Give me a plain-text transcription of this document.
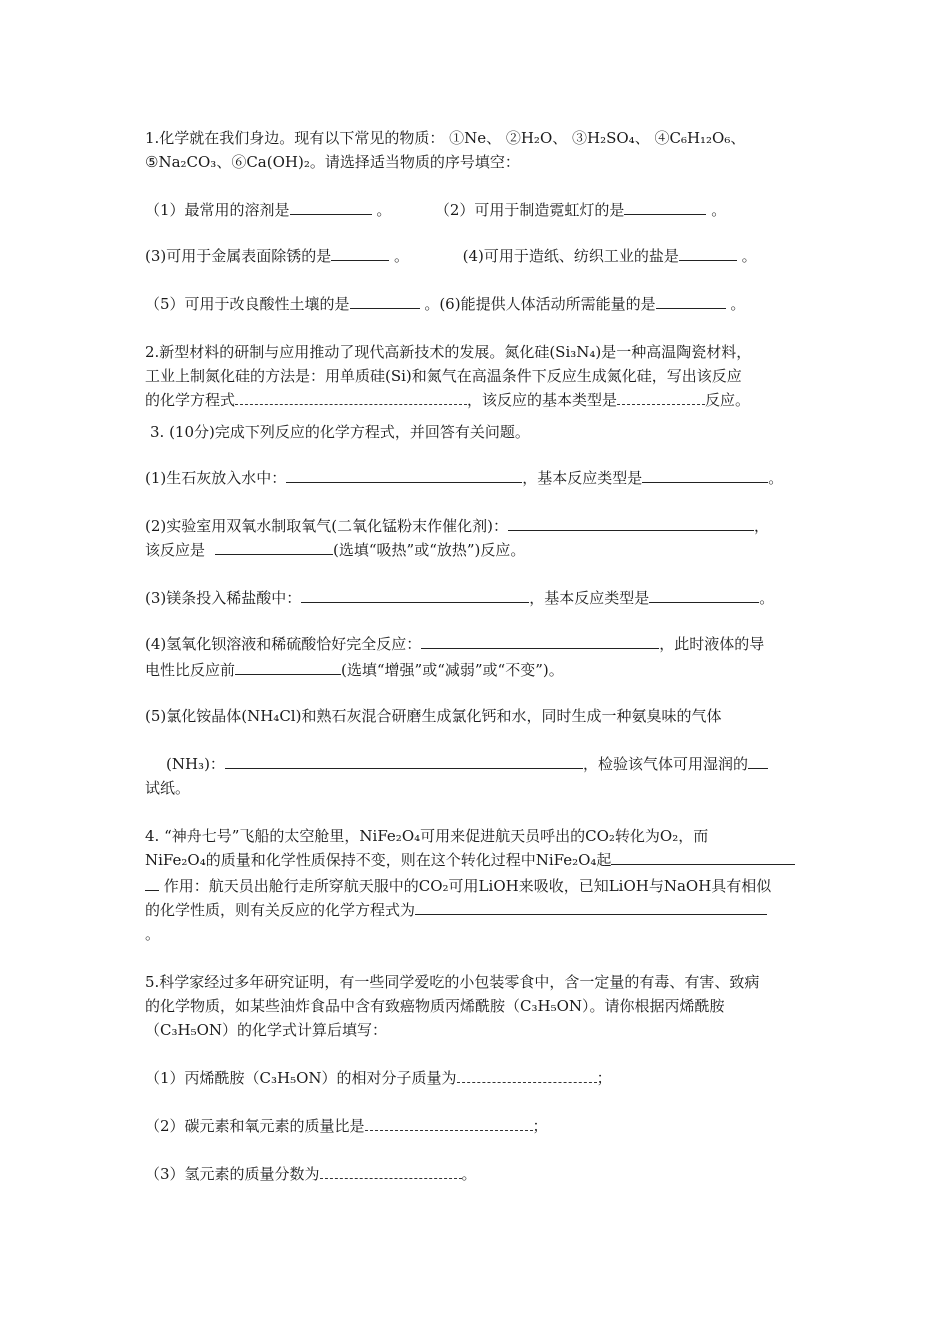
1.化学就在我们身边。现有以下常见的物质： ①Ne、 ②H₂O、 ③H₂SO₄、 ④C₆H₁₂O₆、
⑤Na₂CO₃、⑥Ca(OH)₂。请选择适当物质的序号填空：
（1）最常用的溶剂是	。	（2）可用于制造霓虹灯的是	。
(3)可用于金属表面除锈的是	。	(4)可用于造纸、纺织工业的盐是	。
（5）可用于改良酸性土壤的是	。(6)能提供人体活动所需能量的是	。
2.新型材料的研制与应用推动了现代高新技术的发展。氮化硅(Si₃N₄)是一种高温陶瓷材料，
工业上制氮化硅的方法是：用单质硅(Si)和氮气在高温条件下反应生成氮化硅，写出该反应
的化学方程式	，该反应的基本类型是	反应。
3. (10分)完成下列反应的化学方程式，并回答有关问题。
(1)生石灰放入水中：	，基本反应类型是	。
(2)实验室用双氧水制取氧气(二氧化锰粉末作催化剂)：	，
该反应是	(选填“吸热”或“放热”)反应。
(3)镁条投入稀盐酸中：	，基本反应类型是	。
(4)氢氧化钡溶液和稀硫酸恰好完全反应：	，此时液体的导
电性比反应前	(选填“增强”或“减弱”或“不变”)。
(5)氯化铵晶体(NH₄Cl)和熟石灰混合研磨生成氯化钙和水，同时生成一种氨臭味的气体
(NH₃)：	，检验该气体可用湿润的
试纸。
4. “神舟七号”飞船的太空舱里，NiFe₂O₄可用来促进航天员呼出的CO₂转化为O₂，而
NiFe₂O₄的质量和化学性质保持不变，则在这个转化过程中NiFe₂O₄起
作用：航天员出舱行走所穿航天服中的CO₂可用LiOH来吸收，已知LiOH与NaOH具有相似
的化学性质，则有关反应的化学方程式为
。
5.科学家经过多年研究证明，有一些同学爱吃的小包装零食中，含一定量的有毒、有害、致病
的化学物质，如某些油炸食品中含有致癌物质丙烯酰胺（C₃H₅ON）。请你根据丙烯酰胺
（C₃H₅ON）的化学式计算后填写：
（1）丙烯酰胺（C₃H₅ON）的相对分子质量为	；
（2）碳元素和氧元素的质量比是	；
（3）氢元素的质量分数为	。
